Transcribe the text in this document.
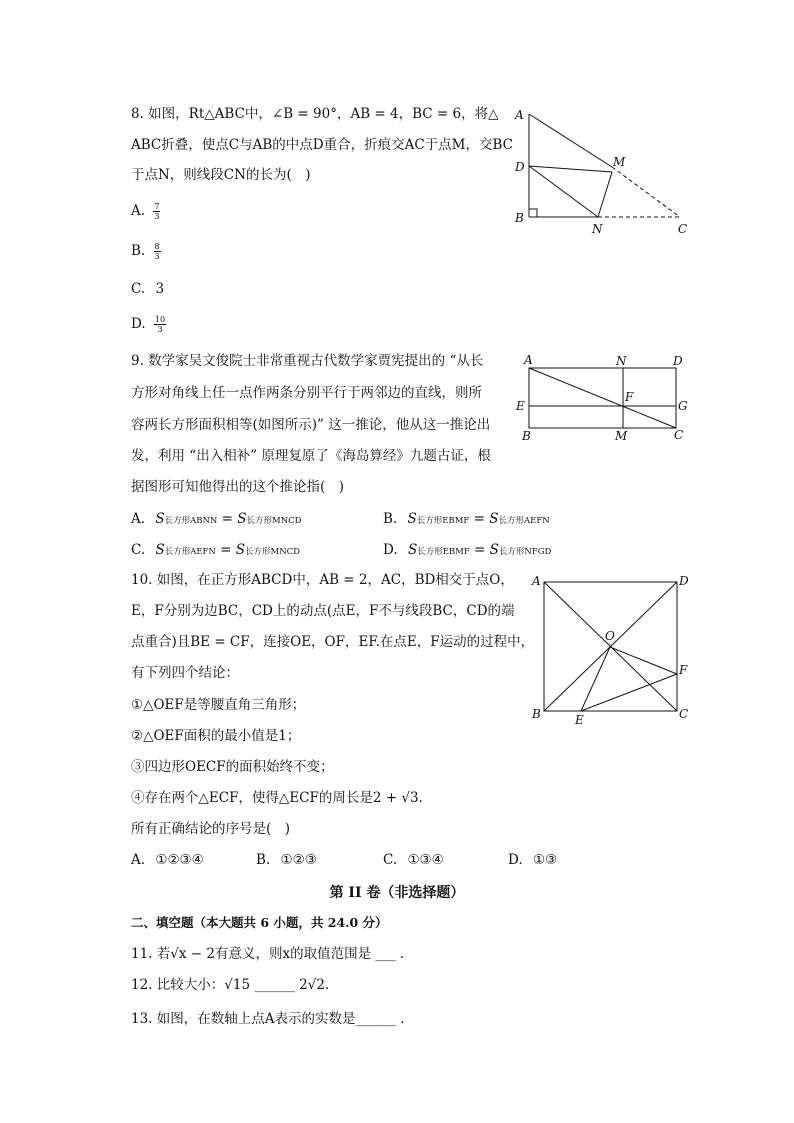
8. 如图，Rt△ABC中，∠B = 90°，AB = 4，BC = 6，将△
ABC折叠，使点C与AB的中点D重合，折痕交AC于点M，交BC
于点N，则线段CN的长为(　)
A. $\frac{7}{3}$
B. $\frac{8}{3}$
C. 3
D. $\frac{10}{3}$
A
D	M
B
N	C
9. 数学家吴文俊院士非常重视古代数学家贾宪提出的 “从长
方形对角线上任一点作两条分别平行于两邻边的直线，则所
容两长方形面积相等(如图所示)” 这一推论，他从这一推论出
发，利用 “出入相补” 原理复原了《海岛算经》九题古证，根
据图形可知他得出的这个推论指(　)
A. S长方形ABNN = S长方形MNCD	B. S长方形EBMF = S长方形AEFN
C. S长方形AEFN = S长方形MNCD	D. S长方形EBMF = S长方形NFGD
A	N	D
E
F
G
B	M	C
10. 如图，在正方形ABCD中，AB = 2，AC，BD相交于点O，
E，F分别为边BC，CD上的动点(点E，F不与线段BC，CD的端
点重合)且BE = CF，连接OE，OF，EF.在点E，F运动的过程中，
有下列四个结论：
①△OEF是等腰直角三角形；
②△OEF面积的最小值是1；
③四边形OECF的面积始终不变；
④存在两个△ECF，使得△ECF的周长是2 + √3.
所有正确结论的序号是(　)
A. ①②③④	B. ①②③	C. ①③④	D. ①③
A	D
O
F
B	E	C
第 II 卷（非选择题）
二、填空题（本大题共 6 小题，共 24.0 分）
11. 若√x − 2有意义，则x的取值范围是 ___ .
12. 比较大小：√15 ______ 2√2.
13. 如图，在数轴上点A表示的实数是______ .
